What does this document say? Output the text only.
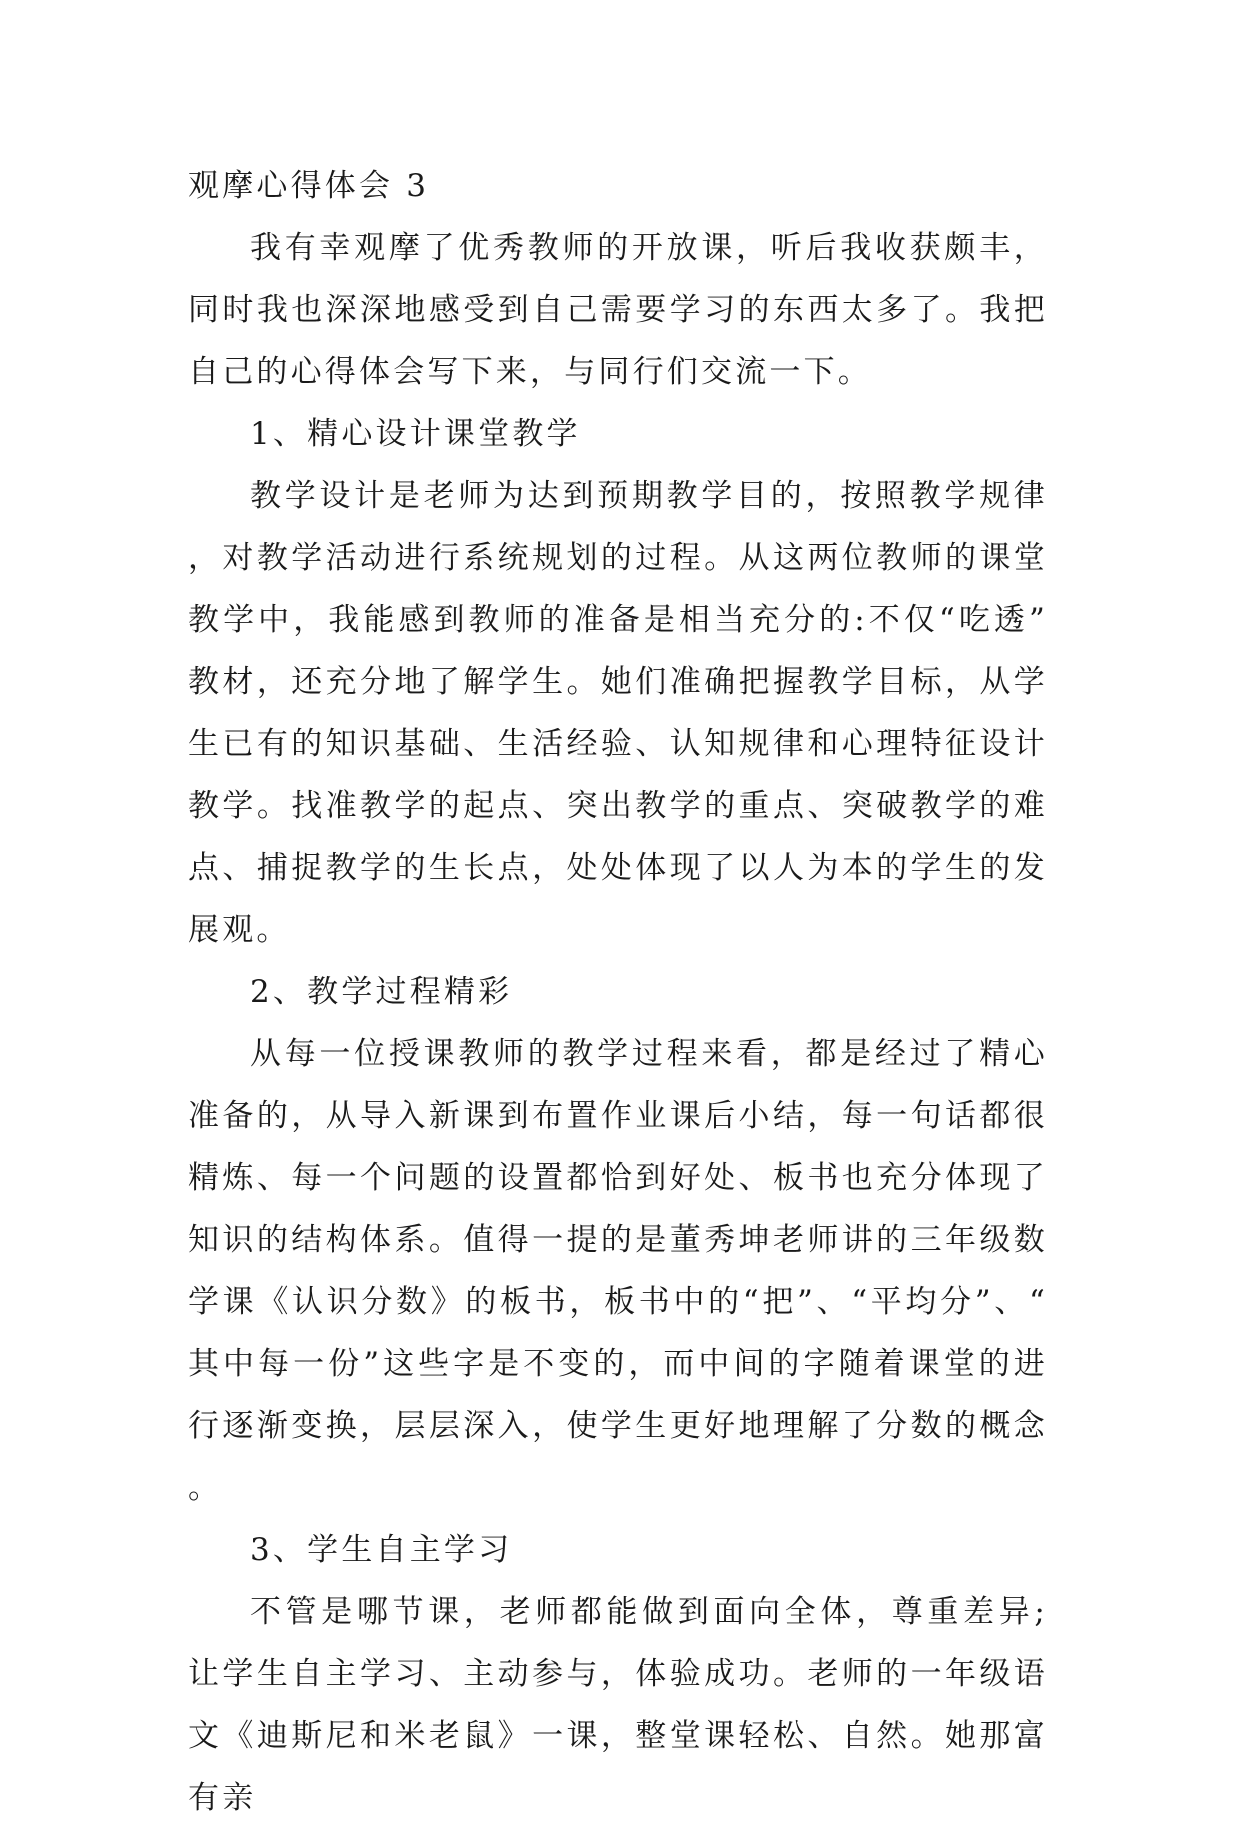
观摩心得体会 3

我有幸观摩了优秀教师的开放课，听后我收获颇丰，同时我也深深地感受到自己需要学习的东西太多了。我把自己的心得体会写下来，与同行们交流一下。

1、精心设计课堂教学

教学设计是老师为达到预期教学目的，按照教学规律，对教学活动进行系统规划的过程。从这两位教师的课堂教学中，我能感到教师的准备是相当充分的:不仅“吃透”教材，还充分地了解学生。她们准确把握教学目标，从学生已有的知识基础、生活经验、认知规律和心理特征设计教学。找准教学的起点、突出教学的重点、突破教学的难点、捕捉教学的生长点，处处体现了以人为本的学生的发展观。

2、教学过程精彩

从每一位授课教师的教学过程来看，都是经过了精心准备的，从导入新课到布置作业课后小结，每一句话都很精炼、每一个问题的设置都恰到好处、板书也充分体现了知识的结构体系。值得一提的是董秀坤老师讲的三年级数学课《认识分数》的板书，板书中的“把”、“平均分”、“其中每一份”这些字是不变的，而中间的字随着课堂的进行逐渐变换，层层深入，使学生更好地理解了分数的概念。

3、学生自主学习

不管是哪节课，老师都能做到面向全体，尊重差异;让学生自主学习、主动参与，体验成功。老师的一年级语文《迪斯尼和米老鼠》一课，整堂课轻松、自然。她那富有亲
